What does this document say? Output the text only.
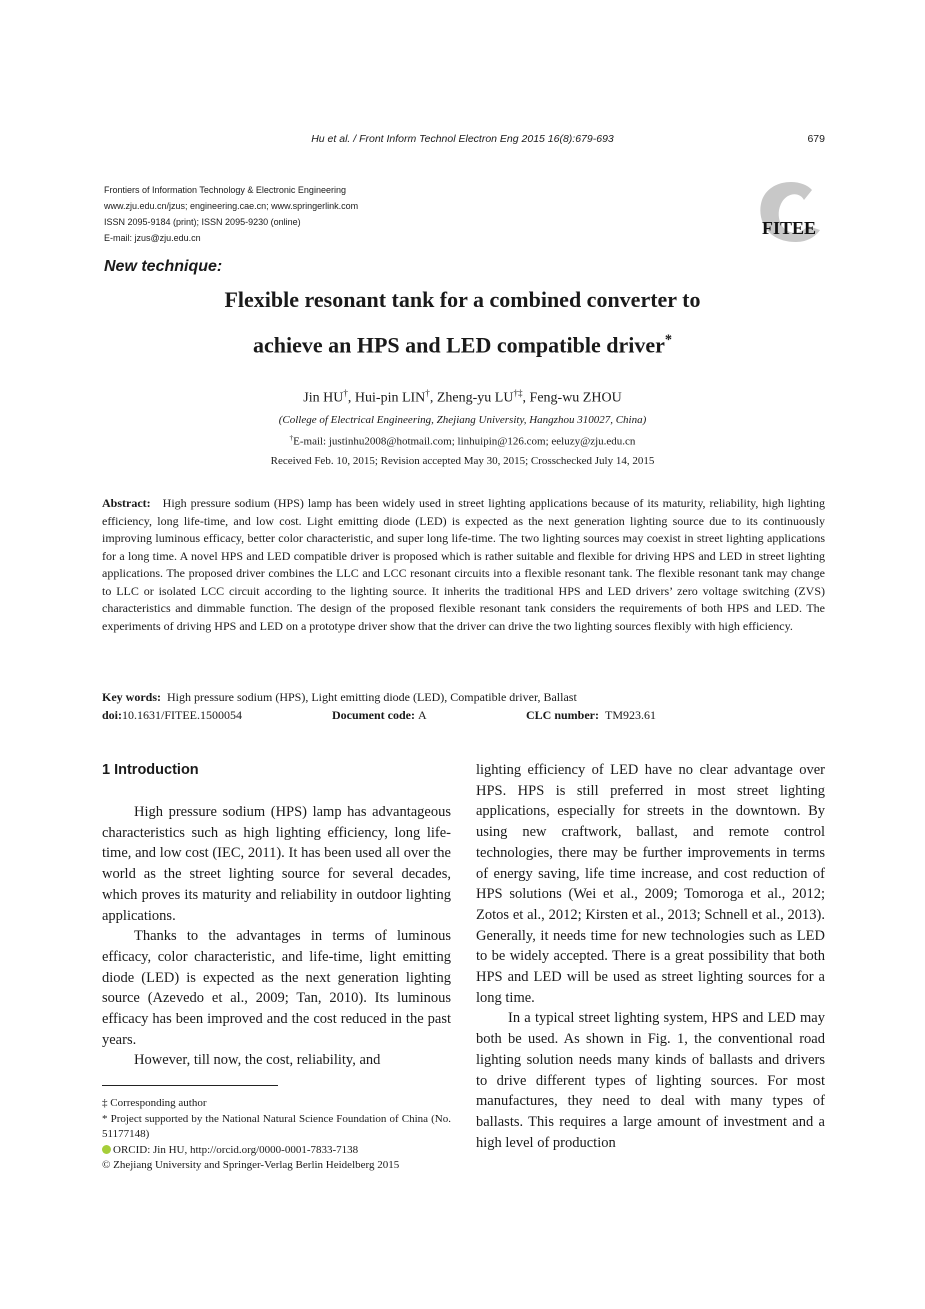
Hu et al. / Front Inform Technol Electron Eng 2015 16(8):679-693	679
Frontiers of Information Technology & Electronic Engineering
www.zju.edu.cn/jzus; engineering.cae.cn; www.springerlink.com
ISSN 2095-9184 (print); ISSN 2095-9230 (online)
E-mail: jzus@zju.edu.cn	FITEE
New technique:
Flexible resonant tank for a combined converter to
achieve an HPS and LED compatible driver*
Jin HU†, Hui-pin LIN†, Zheng-yu LU†‡, Feng-wu ZHOU
(College of Electrical Engineering, Zhejiang University, Hangzhou 310027, China)
†E-mail: justinhu2008@hotmail.com; linhuipin@126.com; eeluzy@zju.edu.cn
Received Feb. 10, 2015; Revision accepted May 30, 2015; Crosschecked July 14, 2015
Abstract: High pressure sodium (HPS) lamp has been widely used in street lighting applications because of its maturity, reliability, high lighting efficiency, long life-time, and low cost. Light emitting diode (LED) is expected as the next generation lighting source due to its continuously improving luminous efficacy, better color characteristic, and super long life-time. The two lighting sources may coexist in street lighting applications for a long time. A novel HPS and LED compatible driver is proposed which is rather suitable and flexible for driving HPS and LED in street lighting applications. The proposed driver combines the LLC and LCC resonant circuits into a flexible resonant tank. The flexible resonant tank may change to LLC or isolated LCC circuit according to the lighting source. It inherits the traditional HPS and LED drivers’ zero voltage switching (ZVS) characteristics and dimmable function. The design of the proposed flexible resonant tank considers the requirements of both HPS and LED. The experiments of driving HPS and LED on a prototype driver show that the driver can drive the two lighting sources flexibly with high efficiency.
Key words: High pressure sodium (HPS), Light emitting diode (LED), Compatible driver, Ballast
doi:10.1631/FITEE.1500054	Document code: A	CLC number: TM923.61
1 Introduction

High pressure sodium (HPS) lamp has advantageous characteristics such as high lighting efficiency, long life-time, and low cost (IEC, 2011). It has been used all over the world as the street lighting source for several decades, which proves its maturity and reliability in outdoor lighting applications.

Thanks to the advantages in terms of luminous efficacy, color characteristic, and life-time, light emitting diode (LED) is expected as the next generation lighting source (Azevedo et al., 2009; Tan, 2010). Its luminous efficacy has been improved and the cost reduced in the past years.

However, till now, the cost, reliability, and

lighting efficiency of LED have no clear advantage over HPS. HPS is still preferred in most street lighting applications, especially for streets in the downtown. By using new craftwork, ballast, and remote control technologies, there may be further improvements in terms of energy saving, life time increase, and cost reduction of HPS solutions (Wei et al., 2009; Tomoroga et al., 2012; Zotos et al., 2012; Kirsten et al., 2013; Schnell et al., 2013). Generally, it needs time for new technologies such as LED to be widely accepted. There is a great possibility that both HPS and LED will be used as street lighting sources for a long time.

In a typical street lighting system, HPS and LED may both be used. As shown in Fig. 1, the conventional road lighting solution needs many kinds of ballasts and drivers to drive different types of lighting sources. For most manufactures, they need to deal with many types of ballasts. This requires a large amount of investment and a high level of production

‡ Corresponding author
* Project supported by the National Natural Science Foundation of China (No. 51177148)
ORCID: Jin HU, http://orcid.org/0000-0001-7833-7138
© Zhejiang University and Springer-Verlag Berlin Heidelberg 2015
